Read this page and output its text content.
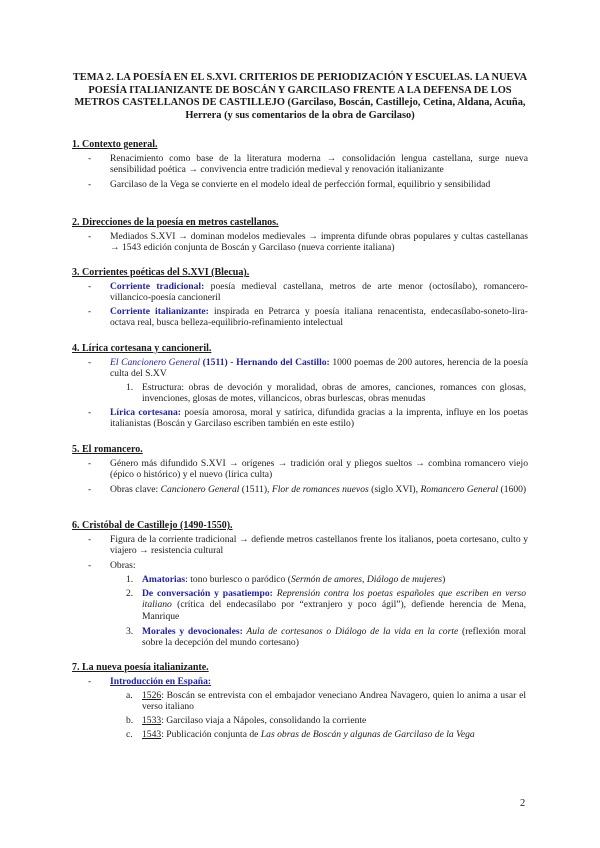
TEMA 2. LA POESÍA EN EL S.XVI. CRITERIOS DE PERIODIZACIÓN Y ESCUELAS. LA NUEVA POESÍA ITALIANIZANTE DE BOSCÁN Y GARCILASO FRENTE A LA DEFENSA DE LOS METROS CASTELLANOS DE CASTILLEJO (Garcilaso, Boscán, Castillejo, Cetina, Aldana, Acuña, Herrera (y sus comentarios de la obra de Garcilaso)
1. Contexto general.
- Renacimiento como base de la literatura moderna → consolidación lengua castellana, surge nueva sensibilidad poética → convivencia entre tradición medieval y renovación italianizante
- Garcilaso de la Vega se convierte en el modelo ideal de perfección formal, equilibrio y sensibilidad
2. Direcciones de la poesía en metros castellanos.
- Mediados S.XVI → dominan modelos medievales → imprenta difunde obras populares y cultas castellanas → 1543 edición conjunta de Boscán y Garcilaso (nueva corriente italiana)
3. Corrientes poéticas del S.XVI (Blecua).
- Corriente tradicional: poesía medieval castellana, metros de arte menor (octosílabo), romancero-villancico-poesía cancioneril
- Corriente italianizante: inspirada en Petrarca y poesía italiana renacentista, endecasílabo-soneto-lira-octava real, busca belleza-equilibrio-refinamiento intelectual
4. Lírica cortesana y cancioneril.
- El Cancionero General (1511) - Hernando del Castillo: 1000 poemas de 200 autores, herencia de la poesía culta del S.XV
1. Estructura: obras de devoción y moralidad, obras de amores, canciones, romances con glosas, invenciones, glosas de motes, villancicos, obras burlescas, obras menudas
- Lírica cortesana: poesía amorosa, moral y satírica, difundida gracias a la imprenta, influye en los poetas italianistas (Boscán y Garcilaso escriben también en este estilo)
5. El romancero.
- Género más difundido S.XVI → orígenes → tradición oral y pliegos sueltos → combina romancero viejo (épico o histórico) y el nuevo (lírica culta)
- Obras clave: Cancionero General (1511), Flor de romances nuevos (siglo XVI), Romancero General (1600)
6. Cristóbal de Castillejo (1490-1550).
- Figura de la corriente tradicional → defiende metros castellanos frente los italianos, poeta cortesano, culto y viajero → resistencia cultural
- Obras:
1. Amatorias: tono burlesco o paródico (Sermón de amores, Diálogo de mujeres)
2. De conversación y pasatiempo: Reprensión contra los poetas españoles que escriben en verso italiano (crítica del endecasílabo por “extranjero y poco ágil”), defiende herencia de Mena, Manrique
3. Morales y devocionales: Aula de cortesanos o Diálogo de la vida en la corte (reflexión moral sobre la decepción del mundo cortesano)
7. La nueva poesía italianizante.
- Introducción en España:
a. 1526: Boscán se entrevista con el embajador veneciano Andrea Navagero, quien lo anima a usar el verso italiano
b. 1533: Garcilaso viaja a Nápoles, consolidando la corriente
c. 1543: Publicación conjunta de Las obras de Boscán y algunas de Garcilaso de la Vega
2
